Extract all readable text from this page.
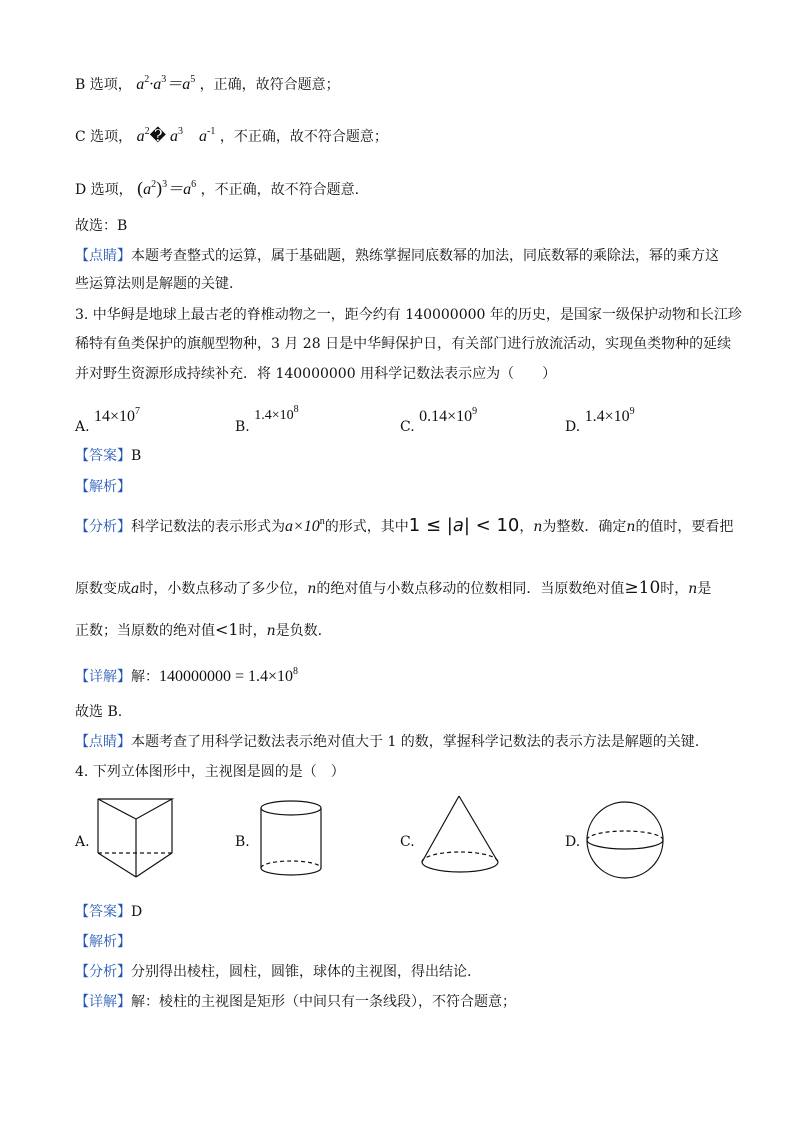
B 选项， $a^2\cdot a^3=a^5$ ，正确，故符合题意；
C 选项， $a^2�$ $a^3$    $a^{-1}$ ，不正确，故不符合题意；
D 选项， $(a^2)^3=a^6$ ，不正确，故不符合题意.
故选：B
【点睛】本题考查整式的运算，属于基础题，熟练掌握同底数幂的加法，同底数幂的乘除法，幂的乘方这
些运算法则是解题的关键.
3. 中华鲟是地球上最古老的脊椎动物之一，距今约有 140000000 年的历史，是国家一级保护动物和长江珍
稀特有鱼类保护的旗舰型物种，3 月 28 日是中华鲟保护日，有关部门进行放流活动，实现鱼类物种的延续
并对野生资源形成持续补充．将 140000000 用科学记数法表示应为（　　）
A. $14\times 10^7$
B. $1.4\times 10^8$
C. $0.14\times 10^9$
D. $1.4\times 10^9$
【答案】B
【解析】
【分析】科学记数法的表示形式为$a\times 10^n$的形式，其中1 ≤ |a| < 10，n为整数．确定n的值时，要看把
原数变成a时，小数点移动了多少位，n的绝对值与小数点移动的位数相同．当原数绝对值≥10时，n是
正数；当原数的绝对值<1时，n是负数.
【详解】解：$140000000 = 1.4\times 10^8$
故选 B.
【点睛】本题考查了用科学记数法表示绝对值大于 1 的数，掌握科学记数法的表示方法是解题的关键.
4. 下列立体图形中，主视图是圆的是（　）
A.	B.	C.	D.
【答案】D
【解析】
【分析】分别得出棱柱，圆柱，圆锥，球体的主视图，得出结论.
【详解】解：棱柱的主视图是矩形（中间只有一条线段），不符合题意；
